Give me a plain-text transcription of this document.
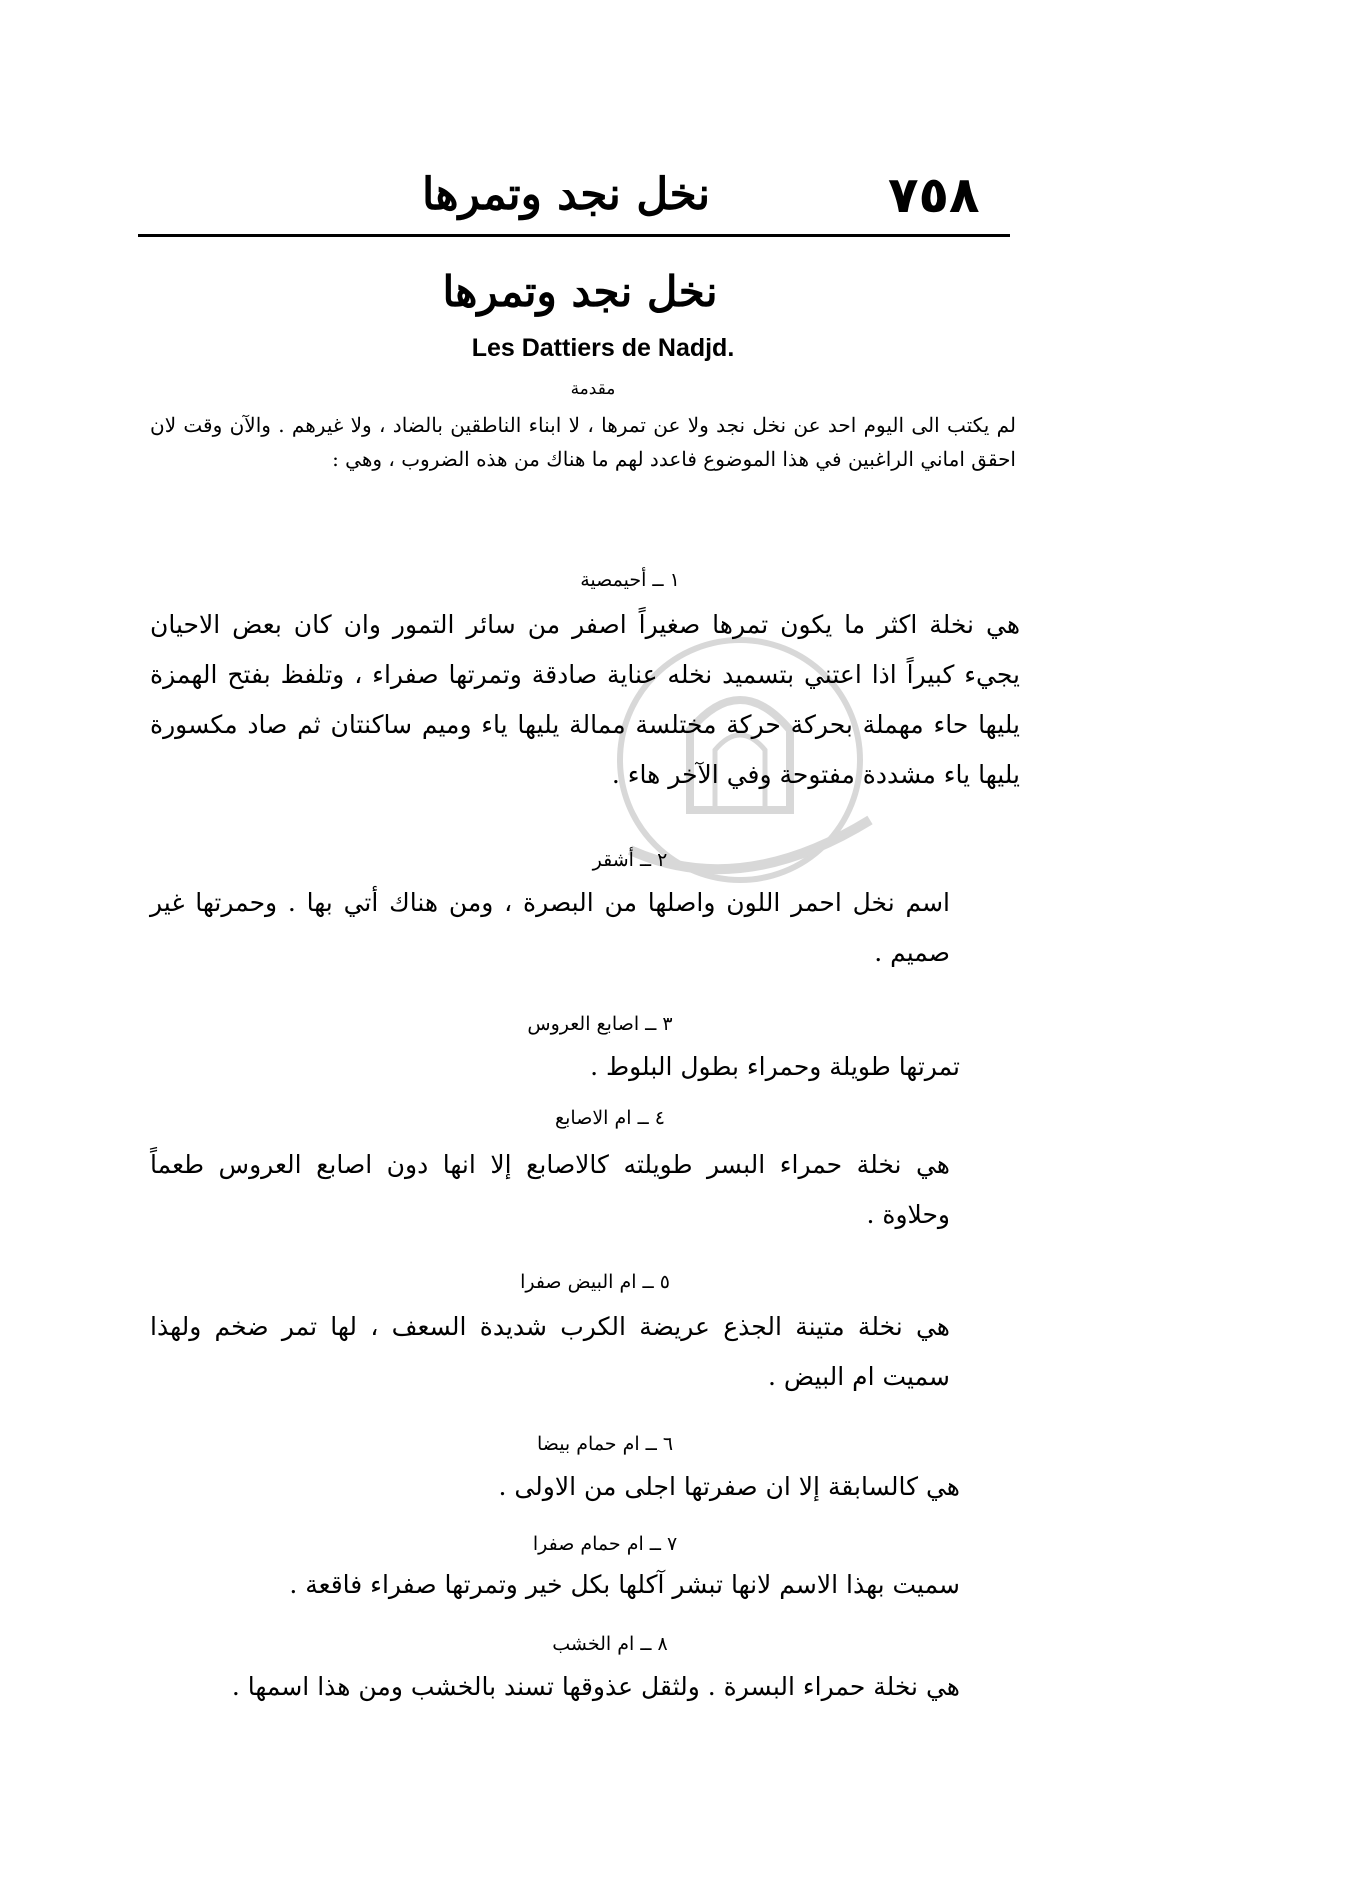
٧٥٨
نخل نجد وتمرها
نخل نجد وتمرها
Les Dattiers de Nadjd.
مقدمة
لم يكتب الى اليوم احد عن نخل نجد ولا عن تمرها ، لا ابناء الناطقين بالضاد ، ولا غيرهم . والآن وقت لان احقق اماني الراغبين في هذا الموضوع فاعدد لهم ما هناك من هذه الضروب ، وهي :
١ ــ أحيمصية
هي نخلة اكثر ما يكون تمرها صغيراً اصفر من سائر التمور وان كان بعض الاحيان يجيء كبيراً اذا اعتني بتسميد نخله عناية صادقة وتمرتها صفراء ، وتلفظ بفتح الهمزة يليها حاء مهملة بحركة حركة مختلسة ممالة يليها ياء وميم ساكنتان ثم صاد مكسورة يليها ياء مشددة مفتوحة وفي الآخر هاء .
٢ ــ أشقر
اسم نخل احمر اللون واصلها من البصرة ، ومن هناك أتي بها . وحمرتها غير صميم .
٣ ــ اصابع العروس
تمرتها طويلة وحمراء بطول البلوط .
٤ ــ ام الاصابع
هي نخلة حمراء البسر طويلته كالاصابع إلا انها دون اصابع العروس طعماً وحلاوة .
٥ ــ ام البيض صفرا
هي نخلة متينة الجذع عريضة الكرب شديدة السعف ، لها تمر ضخم ولهذا سميت ام البيض .
٦ ــ ام حمام بيضا
هي كالسابقة إلا ان صفرتها اجلى من الاولى .
٧ ــ ام حمام صفرا
سميت بهذا الاسم لانها تبشر آكلها بكل خير وتمرتها صفراء فاقعة .
٨ ــ ام الخشب
هي نخلة حمراء البسرة . ولثقل عذوقها تسند بالخشب ومن هذا اسمها .
